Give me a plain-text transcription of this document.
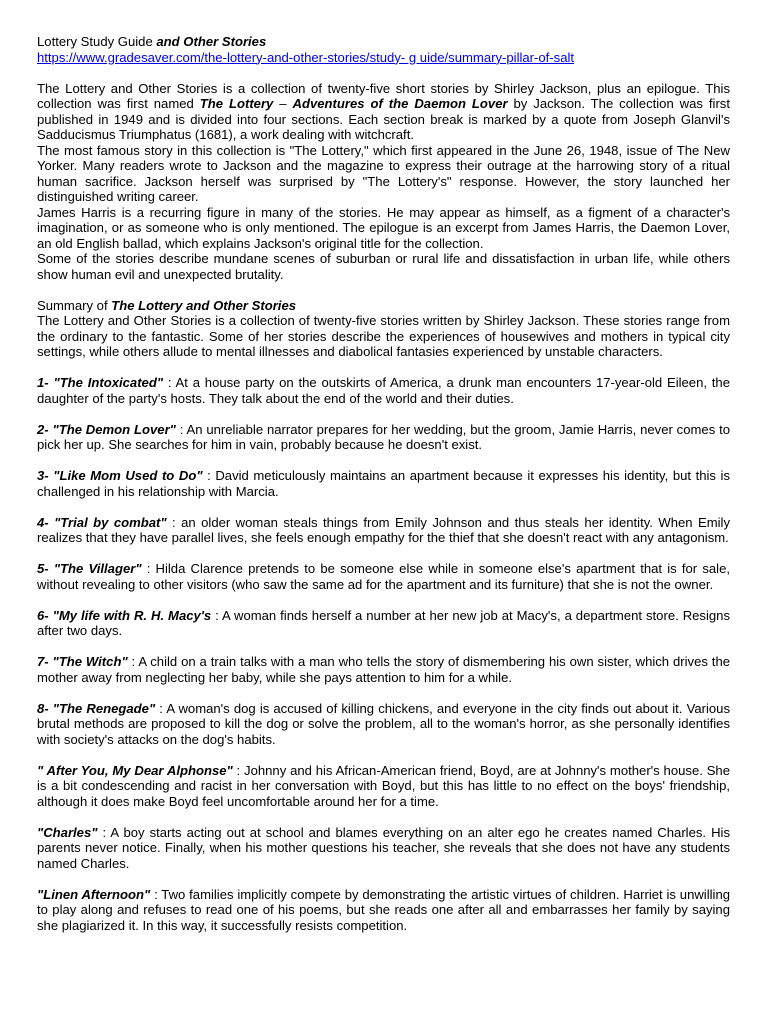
Lottery Study Guide and Other Stories
https://www.gradesaver.com/the-lottery-and-other-stories/study- g uide/summary-pillar-of-salt

The Lottery and Other Stories is a collection of twenty-five short stories by Shirley Jackson, plus an epilogue. This collection was first named The Lottery – Adventures of the Daemon Lover by Jackson. The collection was first published in 1949 and is divided into four sections. Each section break is marked by a quote from Joseph Glanvil's Sadducismus Triumphatus (1681), a work dealing with witchcraft.

The most famous story in this collection is "The Lottery," which first appeared in the June 26, 1948, issue of The New Yorker. Many readers wrote to Jackson and the magazine to express their outrage at the harrowing story of a ritual human sacrifice. Jackson herself was surprised by "The Lottery's" response. However, the story launched her distinguished writing career.

James Harris is a recurring figure in many of the stories. He may appear as himself, as a figment of a character's imagination, or as someone who is only mentioned. The epilogue is an excerpt from James Harris, the Daemon Lover, an old English ballad, which explains Jackson's original title for the collection.

Some of the stories describe mundane scenes of suburban or rural life and dissatisfaction in urban life, while others show human evil and unexpected brutality.

Summary of The Lottery and Other Stories

The Lottery and Other Stories is a collection of twenty-five stories written by Shirley Jackson. These stories range from the ordinary to the fantastic. Some of her stories describe the experiences of housewives and mothers in typical city settings, while others allude to mental illnesses and diabolical fantasies experienced by unstable characters.

1- "The Intoxicated" : At a house party on the outskirts of America, a drunk man encounters 17-year-old Eileen, the daughter of the party's hosts. They talk about the end of the world and their duties.

2- "The Demon Lover" : An unreliable narrator prepares for her wedding, but the groom, Jamie Harris, never comes to pick her up. She searches for him in vain, probably because he doesn't exist.

3- "Like Mom Used to Do" : David meticulously maintains an apartment because it expresses his identity, but this is challenged in his relationship with Marcia.

4- "Trial by combat" : an older woman steals things from Emily Johnson and thus steals her identity. When Emily realizes that they have parallel lives, she feels enough empathy for the thief that she doesn't react with any antagonism.

5- "The Villager" : Hilda Clarence pretends to be someone else while in someone else's apartment that is for sale, without revealing to other visitors (who saw the same ad for the apartment and its furniture) that she is not the owner.

6- "My life with R. H. Macy's : A woman finds herself a number at her new job at Macy's, a department store. Resigns after two days.

7- "The Witch" : A child on a train talks with a man who tells the story of dismembering his own sister, which drives the mother away from neglecting her baby, while she pays attention to him for a while.

8- "The Renegade" : A woman's dog is accused of killing chickens, and everyone in the city finds out about it. Various brutal methods are proposed to kill the dog or solve the problem, all to the woman's horror, as she personally identifies with society's attacks on the dog's habits.

" After You, My Dear Alphonse" : Johnny and his African-American friend, Boyd, are at Johnny's mother's house. She is a bit condescending and racist in her conversation with Boyd, but this has little to no effect on the boys' friendship, although it does make Boyd feel uncomfortable around her for a time.

"Charles" : A boy starts acting out at school and blames everything on an alter ego he creates named Charles. His parents never notice. Finally, when his mother questions his teacher, she reveals that she does not have any students named Charles.

"Linen Afternoon" : Two families implicitly compete by demonstrating the artistic virtues of children. Harriet is unwilling to play along and refuses to read one of his poems, but she reads one after all and embarrasses her family by saying she plagiarized it. In this way, it successfully resists competition.
